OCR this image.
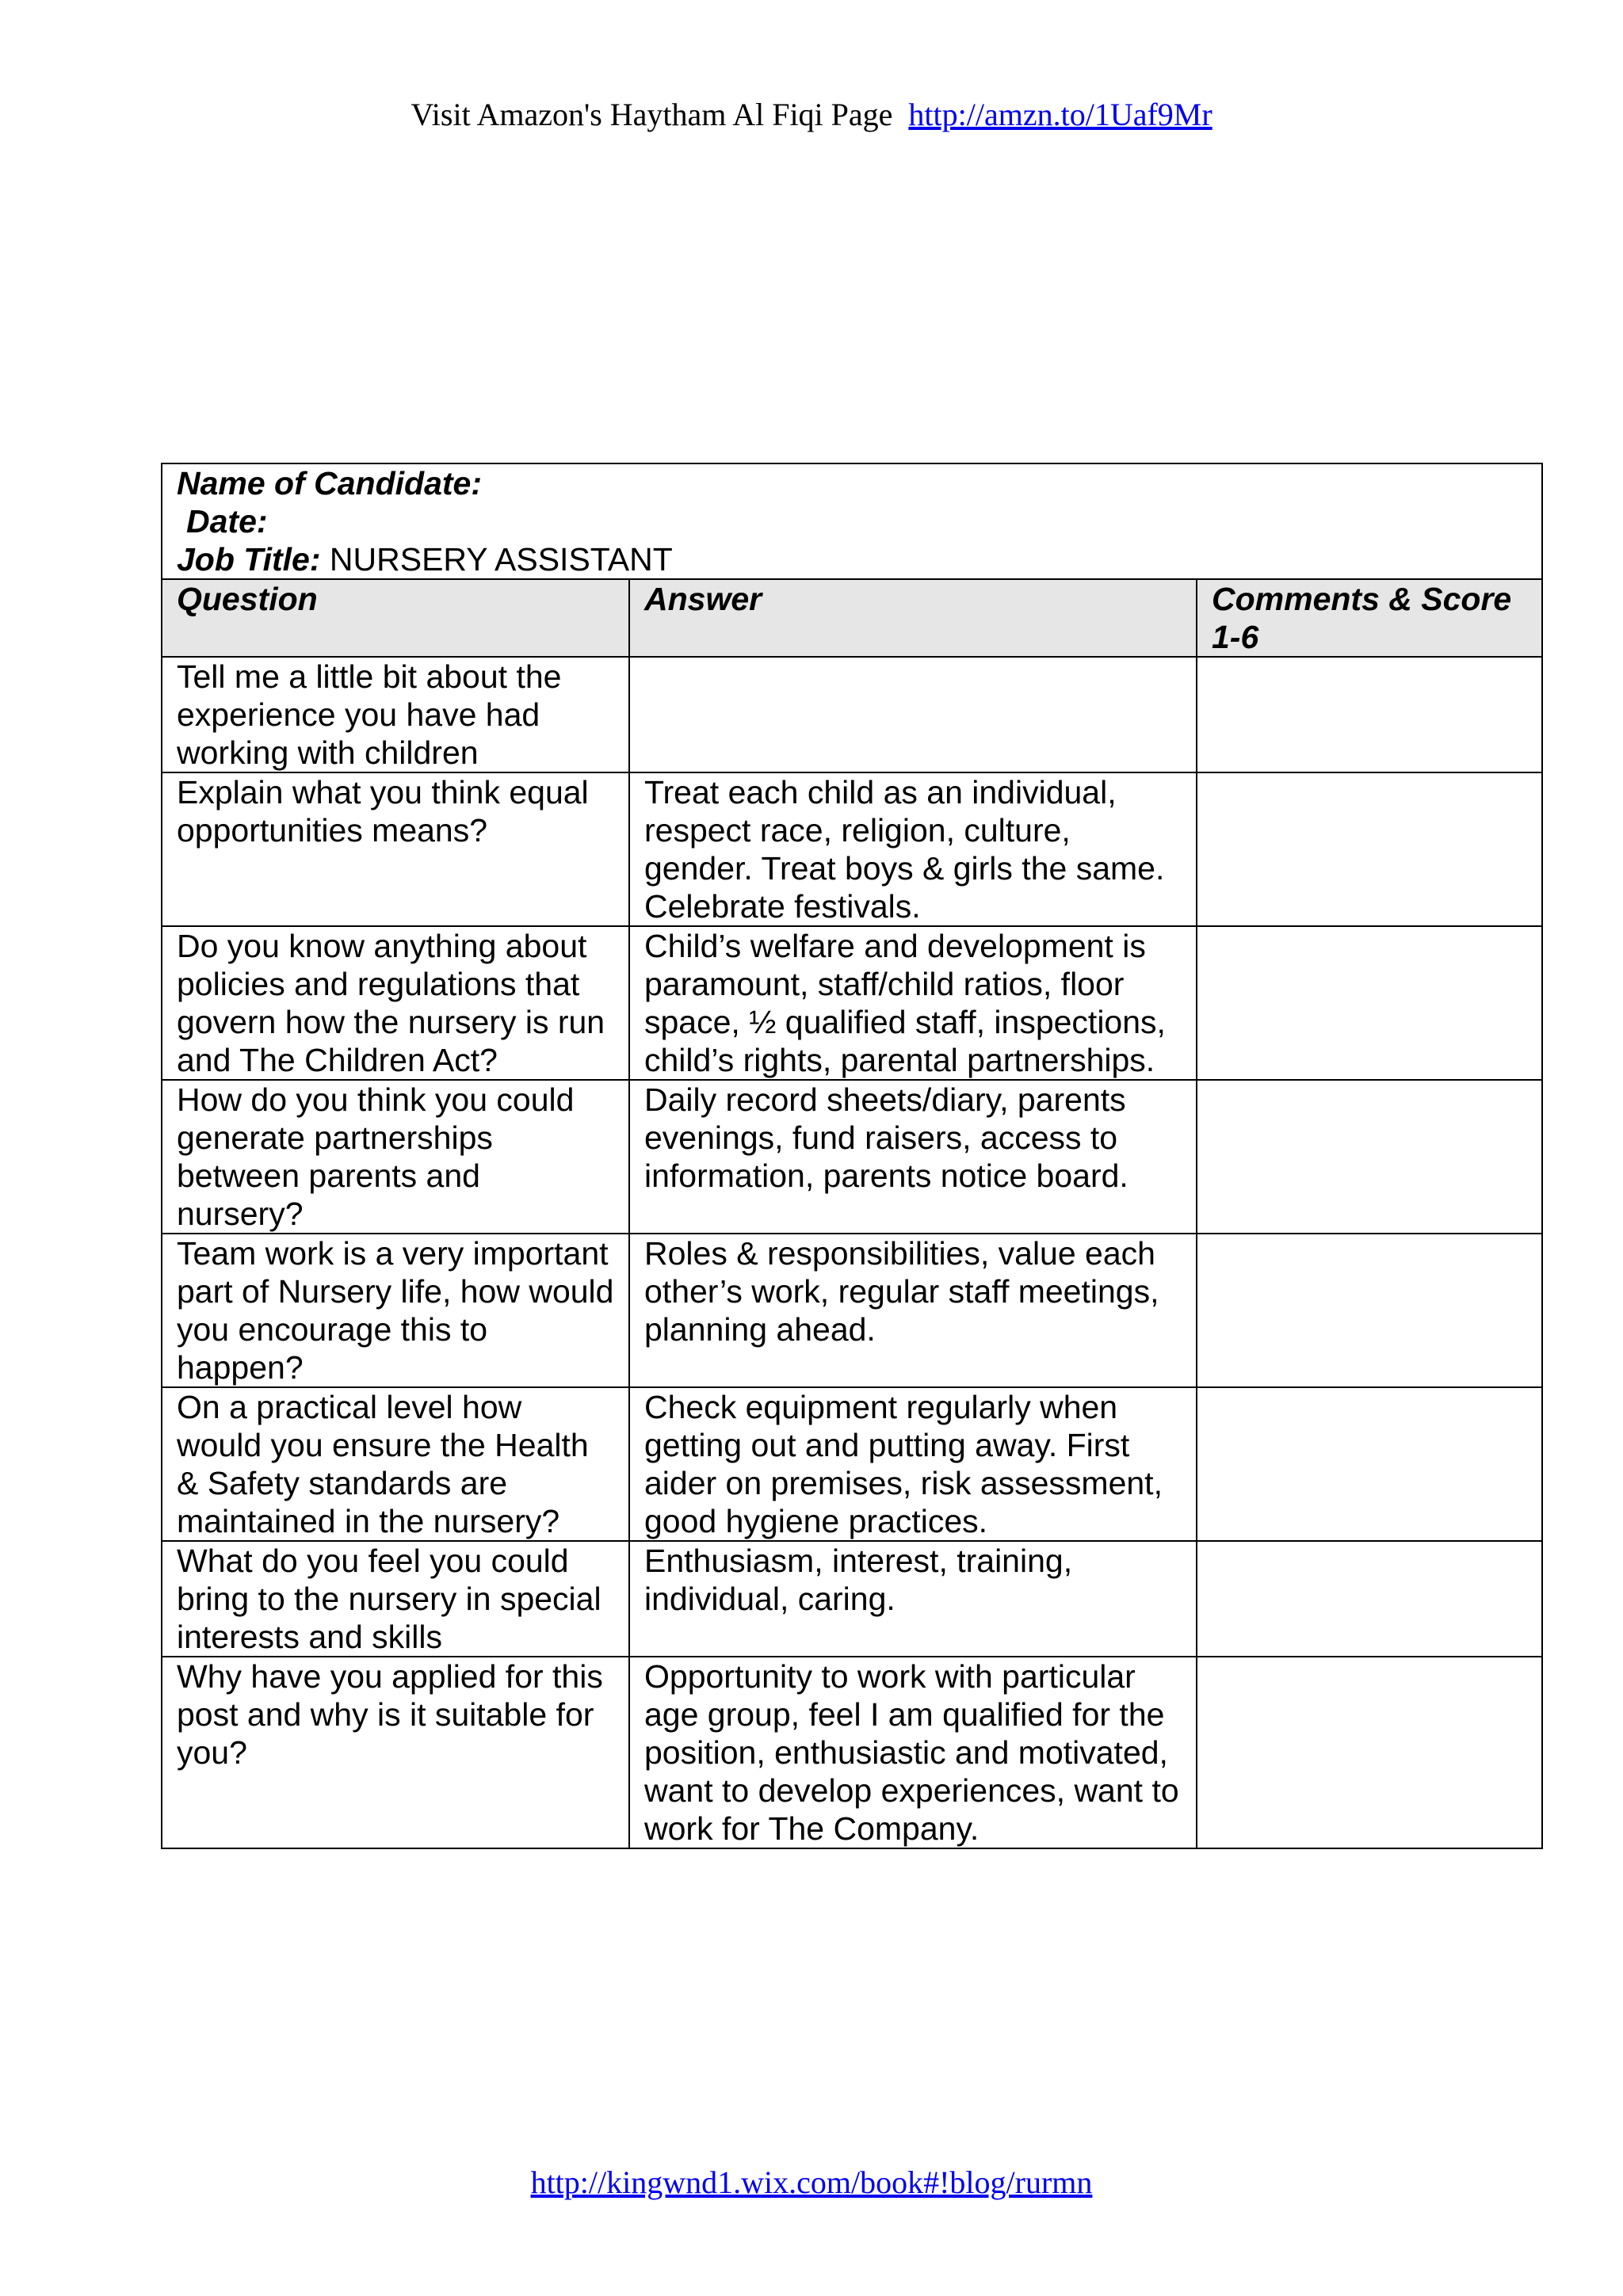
Visit Amazon's Haytham Al Fiqi Page http://amzn.to/1Uaf9Mr
Name of Candidate:
Date:
Job Title: NURSERY ASSISTANT		

Question	Answer	Comments & Score 1-6
Tell me a little bit about the experience you have had working with children		
Explain what you think equal opportunities means?	Treat each child as an individual, respect race, religion, culture, gender. Treat boys & girls the same. Celebrate festivals.	
Do you know anything about policies and regulations that govern how the nursery is run and The Children Act?	Child’s welfare and development is paramount, staff/child ratios, floor space, ½ qualified staff, inspections, child’s rights, parental partnerships.	
How do you think you could generate partnerships between parents and nursery?	Daily record sheets/diary, parents evenings, fund raisers, access to information, parents notice board.	
Team work is a very important part of Nursery life, how would you encourage this to happen?	Roles & responsibilities, value each other’s work, regular staff meetings, planning ahead.	
On a practical level how would you ensure the Health & Safety standards are maintained in the nursery?	Check equipment regularly when getting out and putting away. First aider on premises, risk assessment, good hygiene practices.	
What do you feel you could bring to the nursery in special interests and skills	Enthusiasm, interest, training, individual, caring.	
Why have you applied for this post and why is it suitable for you?	Opportunity to work with particular age group, feel I am qualified for the position, enthusiastic and motivated, want to develop experiences, want to work for The Company.	
http://kingwnd1.wix.com/book#!blog/rurmn
